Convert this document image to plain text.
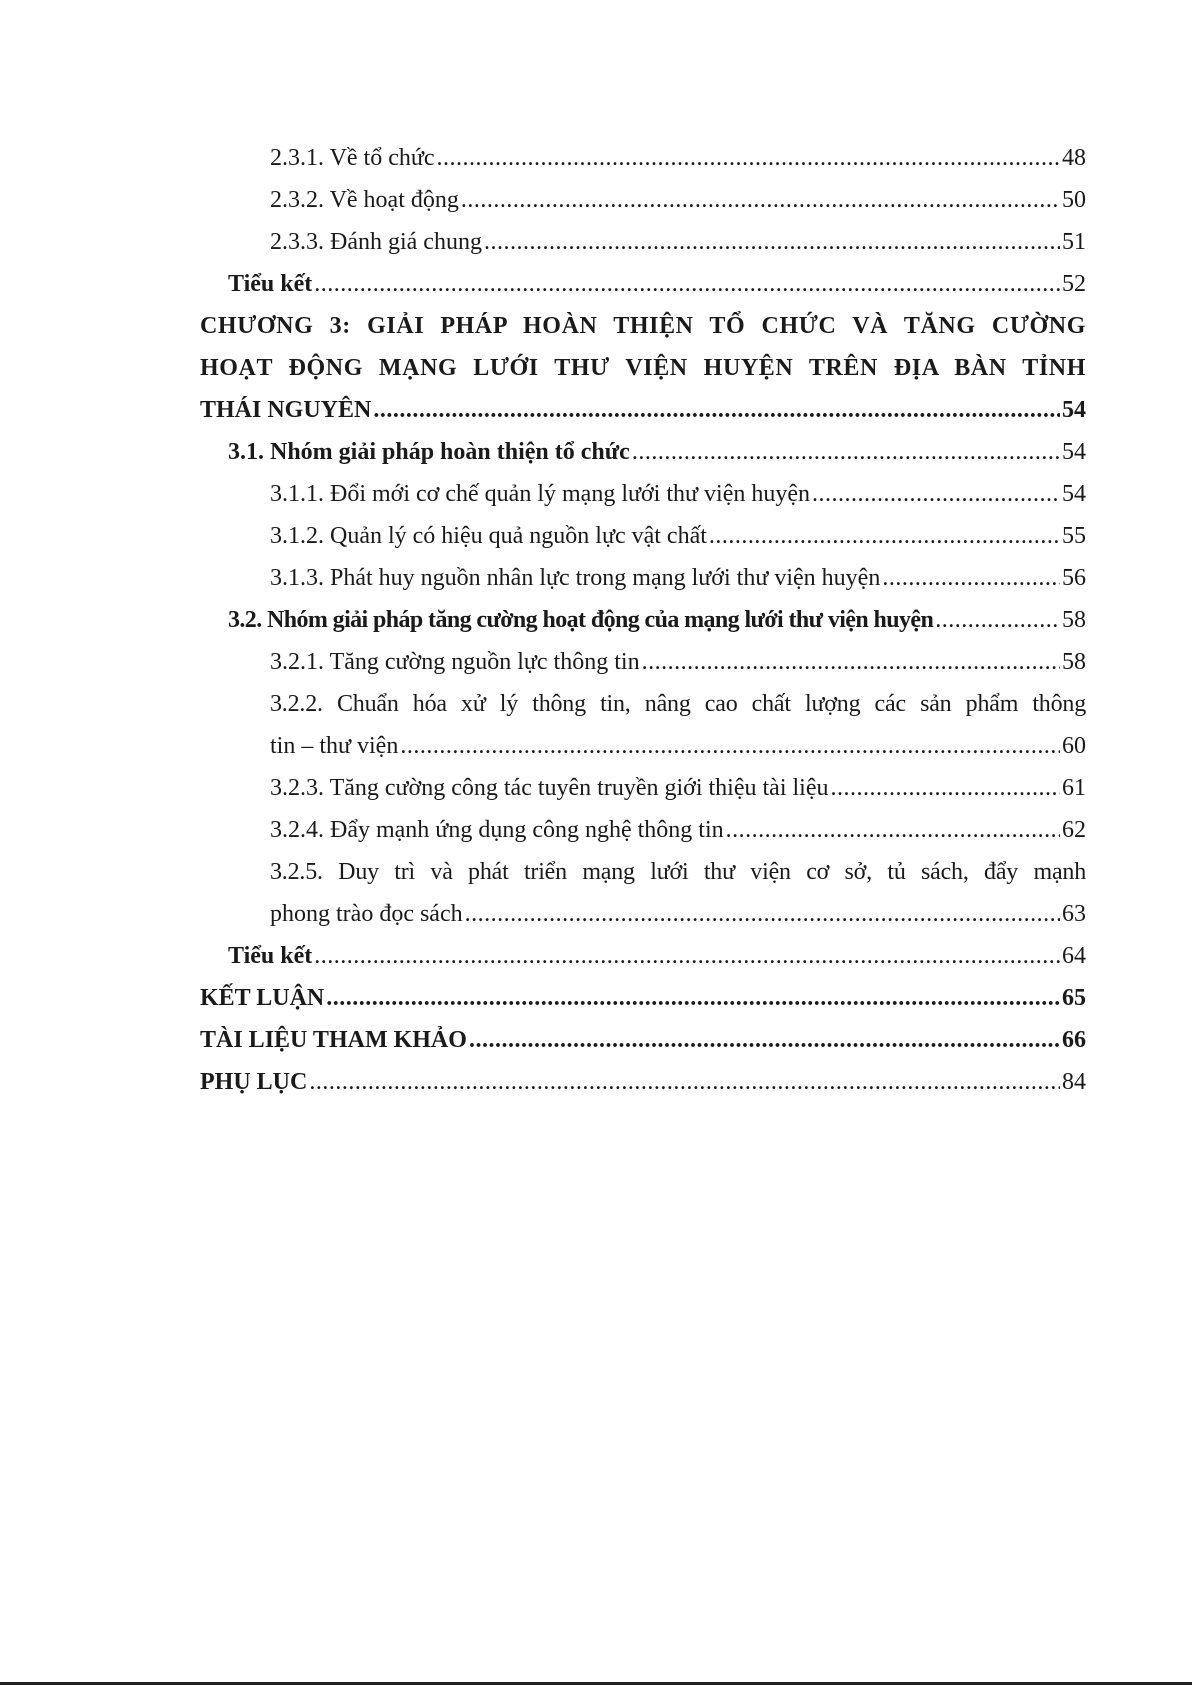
2.3.1. Về tổ chức .....	48
2.3.2. Về hoạt động .....	50
2.3.3. Đánh giá chung .....	51
Tiểu kết .....	52
CHƯƠNG 3: GIẢI PHÁP HOÀN THIỆN TỔ CHỨC VÀ TĂNG CƯỜNG
HOẠT ĐỘNG MẠNG LƯỚI THƯ VIỆN HUYỆN TRÊN ĐỊA BÀN TỈNH
THÁI NGUYÊN .....	54
3.1. Nhóm giải pháp hoàn thiện tổ chức .....	54
3.1.1. Đổi mới cơ chế quản lý mạng lưới thư viện huyện .....	54
3.1.2. Quản lý có hiệu quả nguồn lực vật chất .....	55
3.1.3. Phát huy nguồn nhân lực trong mạng lưới thư viện huyện .....	56
3.2. Nhóm giải pháp tăng cường hoạt động của mạng lưới thư viện huyện .....	58
3.2.1. Tăng cường nguồn lực thông tin .....	58
3.2.2. Chuẩn hóa xử lý thông tin, nâng cao chất lượng các sản phẩm thông
tin – thư viện .....	60
3.2.3. Tăng cường công tác tuyên truyền giới thiệu tài liệu .....	61
3.2.4. Đẩy mạnh ứng dụng công nghệ thông tin .....	62
3.2.5. Duy trì và phát triển mạng lưới thư viện cơ sở, tủ sách, đẩy mạnh
phong trào đọc sách .....	63
Tiểu kết .....	64
KẾT LUẬN .....	65
TÀI LIỆU THAM KHẢO .....	66
PHỤ LỤC .....	84
